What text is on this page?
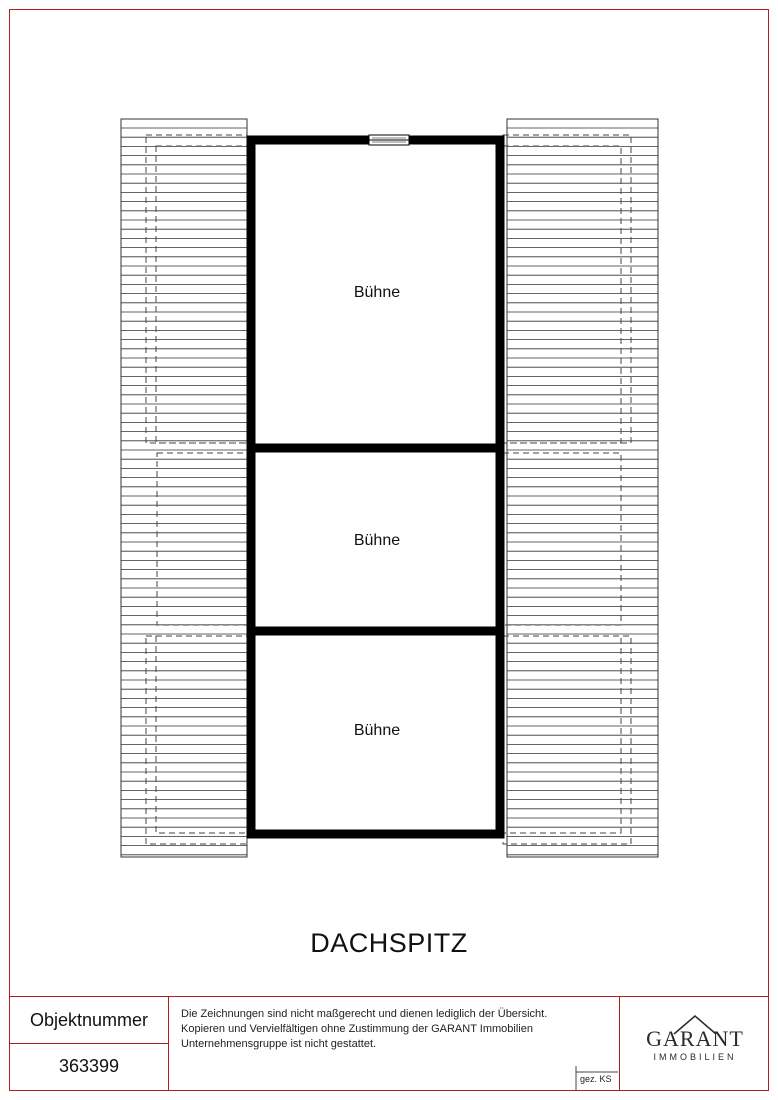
Bühne
Bühne
Bühne
DACHSPITZ
Objektnummer
363399
Die Zeichnungen sind nicht maßgerecht und dienen lediglich der Übersicht.
Kopieren und Vervielfältigen ohne Zustimmung der GARANT Immobilien
Unternehmensgruppe ist nicht gestattet.
gez. KS
GARANT
IMMOBILIEN
